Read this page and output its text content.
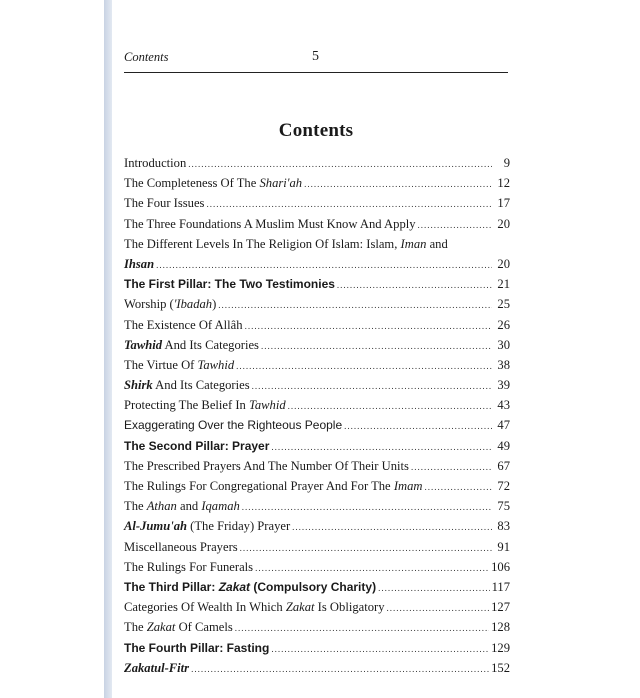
Contents	5
Contents
Introduction .....	9
The Completeness Of The Shari'ah .....	12
The Four Issues .....	17
The Three Foundations A Muslim Must Know And Apply .....	20
The Different Levels In The Religion Of Islam: Islam, Iman and
Ihsan .....	20
The First Pillar: The Two Testimonies .....	21
Worship ('Ibadah) .....	25
The Existence Of Allâh .....	26
Tawhid And Its Categories .....	30
The Virtue Of Tawhid .....	38
Shirk And Its Categories .....	39
Protecting The Belief In Tawhid .....	43
Exaggerating Over the Righteous People .....	47
The Second Pillar: Prayer .....	49
The Prescribed Prayers And The Number Of Their Units .....	67
The Rulings For Congregational Prayer And For The Imam .....	72
The Athan and Iqamah .....	75
Al-Jumu'ah (The Friday) Prayer .....	83
Miscellaneous Prayers .....	91
The Rulings For Funerals .....	106
The Third Pillar: Zakat (Compulsory Charity) .....	117
Categories Of Wealth In Which Zakat Is Obligatory .....	127
The Zakat Of Camels .....	128
The Fourth Pillar: Fasting .....	129
Zakatul-Fitr .....	152
